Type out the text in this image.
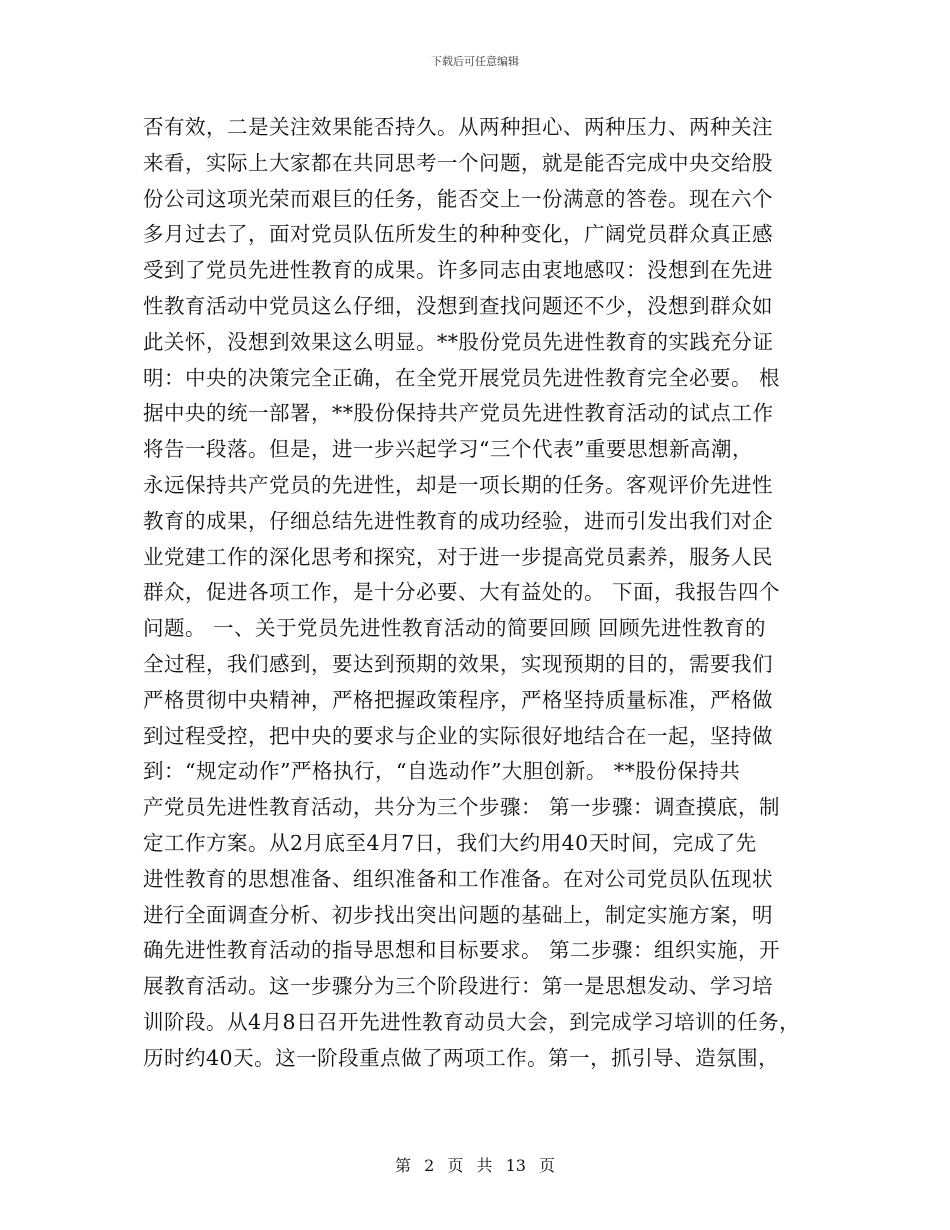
下载后可任意编辑
否有效，二是关注效果能否持久。从两种担心、两种压力、两种关注
来看，实际上大家都在共同思考一个问题，就是能否完成中央交给股
份公司这项光荣而艰巨的任务，能否交上一份满意的答卷。现在六个
多月过去了，面对党员队伍所发生的种种变化，广阔党员群众真正感
受到了党员先进性教育的成果。许多同志由衷地感叹：没想到在先进
性教育活动中党员这么仔细，没想到查找问题还不少，没想到群众如
此关怀，没想到效果这么明显。**股份党员先进性教育的实践充分证
明：中央的决策完全正确，在全党开展党员先进性教育完全必要。 根
据中央的统一部署，**股份保持共产党员先进性教育活动的试点工作
将告一段落。但是，进一步兴起学习“三个代表”重要思想新高潮，
永远保持共产党员的先进性，却是一项长期的任务。客观评价先进性
教育的成果，仔细总结先进性教育的成功经验，进而引发出我们对企
业党建工作的深化思考和探究，对于进一步提高党员素养，服务人民
群众，促进各项工作，是十分必要、大有益处的。 下面，我报告四个
问题。 一、关于党员先进性教育活动的简要回顾 回顾先进性教育的
全过程，我们感到，要达到预期的效果，实现预期的目的，需要我们
严格贯彻中央精神，严格把握政策程序，严格坚持质量标准，严格做
到过程受控，把中央的要求与企业的实际很好地结合在一起，坚持做
到：“规定动作”严格执行，“自选动作”大胆创新。 **股份保持共
产党员先进性教育活动，共分为三个步骤： 第一步骤：调查摸底，制
定工作方案。从2月底至4月7日，我们大约用40天时间，完成了先
进性教育的思想准备、组织准备和工作准备。在对公司党员队伍现状
进行全面调查分析、初步找出突出问题的基础上，制定实施方案，明
确先进性教育活动的指导思想和目标要求。 第二步骤：组织实施，开
展教育活动。这一步骤分为三个阶段进行：第一是思想发动、学习培
训阶段。从4月8日召开先进性教育动员大会，到完成学习培训的任务，
历时约40天。这一阶段重点做了两项工作。第一，抓引导、造氛围，
第 2 页 共 13 页
